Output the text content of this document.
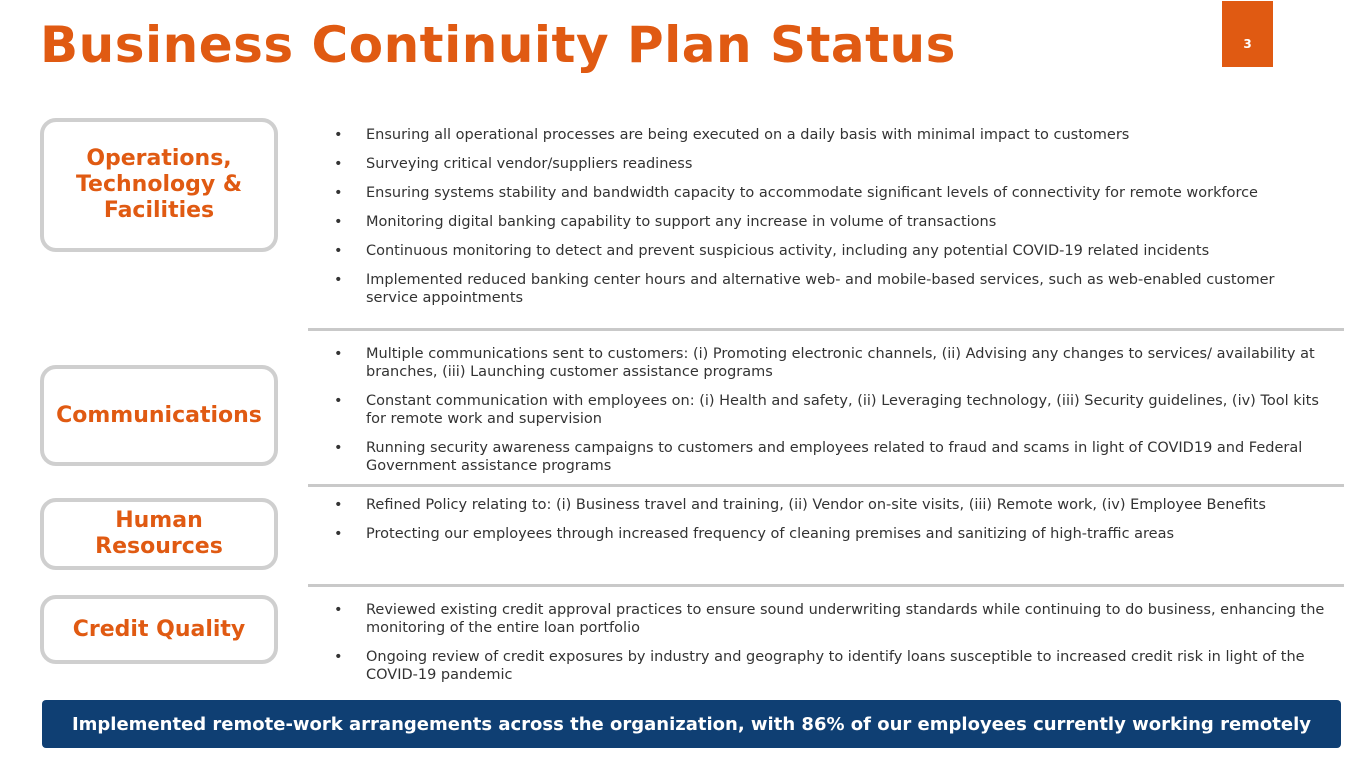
Business Continuity Plan Status	3
Operations, Technology & Facilities
• Ensuring all operational processes are being executed on a daily basis with minimal impact to customers
• Surveying critical vendor/suppliers readiness
• Ensuring systems stability and bandwidth capacity to accommodate significant levels of connectivity for remote workforce
• Monitoring digital banking capability to support any increase in volume of transactions
• Continuous monitoring to detect and prevent suspicious activity, including any potential COVID-19 related incidents
• Implemented reduced banking center hours and alternative web- and mobile-based services, such as web-enabled customer service appointments
Communications
• Multiple communications sent to customers: (i) Promoting electronic channels, (ii) Advising any changes to services/ availability at branches, (iii) Launching customer assistance programs
• Constant communication with employees on: (i) Health and safety, (ii) Leveraging technology, (iii) Security guidelines, (iv) Tool kits for remote work and supervision
• Running security awareness campaigns to customers and employees related to fraud and scams in light of COVID19 and Federal Government assistance programs
Human Resources
• Refined Policy relating to: (i) Business travel and training, (ii) Vendor on-site visits, (iii) Remote work, (iv) Employee Benefits
• Protecting our employees through increased frequency of cleaning premises and sanitizing of high-traffic areas
Credit Quality
• Reviewed existing credit approval practices to ensure sound underwriting standards while continuing to do business, enhancing the monitoring of the entire loan portfolio
• Ongoing review of credit exposures by industry and geography to identify loans susceptible to increased credit risk in light of the COVID-19 pandemic
Implemented remote-work arrangements across the organization, with 86% of our employees currently working remotely
